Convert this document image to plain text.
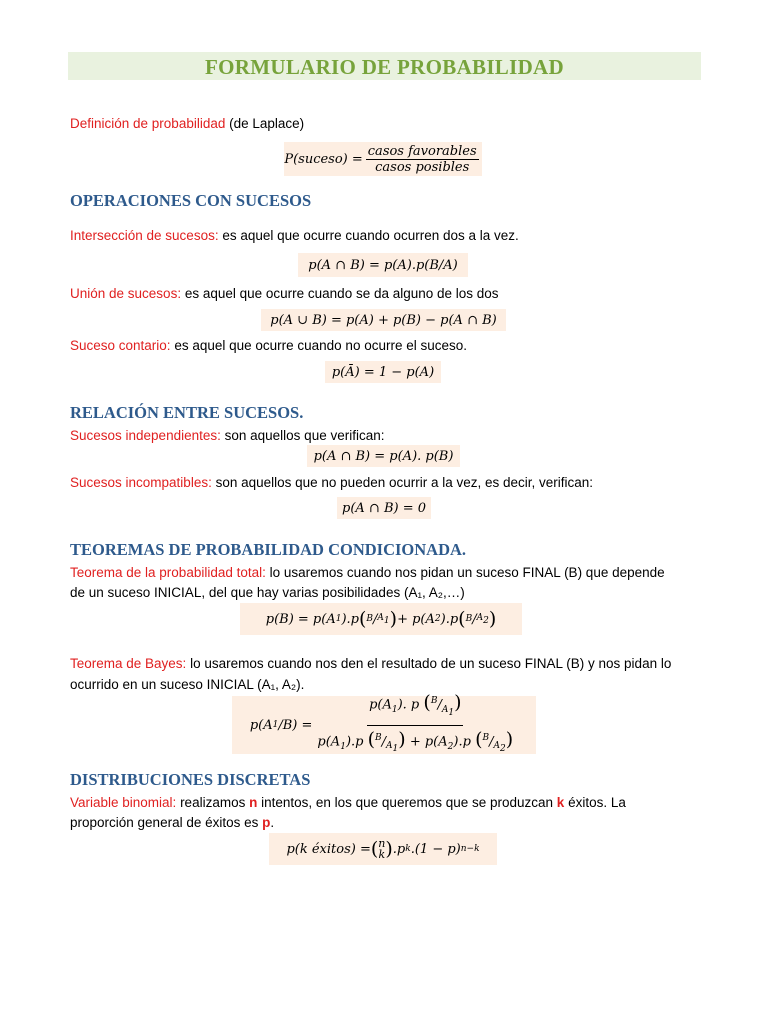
FORMULARIO DE PROBABILIDAD
Definición de probabilidad (de Laplace)
P(suceso) = $\frac{\text{casos favorables}}{\text{casos posibles}}$
OPERACIONES CON SUCESOS
Intersección de sucesos: es aquel que ocurre cuando ocurren dos a la vez.
p(A ∩ B) = p(A).p(B/A)
Unión de sucesos: es aquel que ocurre cuando se da alguno de los dos
p(A ∪ B) = p(A) + p(B) − p(A ∩ B)
Suceso contario: es aquel que ocurre cuando no ocurre el suceso.
p(Ā) = 1 − p(A)
RELACIÓN ENTRE SUCESOS.
Sucesos independientes: son aquellos que verifican:
p(A ∩ B) = p(A). p(B)
Sucesos incompatibles: son aquellos que no pueden ocurrir a la vez, es decir, verifican:
p(A ∩ B) = 0
TEOREMAS DE PROBABILIDAD CONDICIONADA.
Teorema de la probabilidad total: lo usaremos cuando nos pidan un suceso FINAL (B) que depende
de un suceso INICIAL, del que hay varias posibilidades (A₁, A₂,…)
p(B) = p(A 1 ).p ( B / $A_1$ ) + p(A 2 ).p ( B / $A_2$ )
Teorema de Bayes: lo usaremos cuando nos den el resultado de un suceso FINAL (B) y nos pidan lo
ocurrido en un suceso INICIAL (A₁, A₂).
p(A 1 $/B) = \frac{p(A_1). p (^B/_{A_1})}{p(A_1).p (^B/_{A_1}) + p(A_2).p (^B/_{A_2})}$
DISTRIBUCIONES DISCRETAS
Variable binomial: realizamos n intentos, en los que queremos que se produzcan k éxitos. La
proporción general de éxitos es p.
p(k éxitos) = ( n
k ) .p k .(1 − p) n−k
